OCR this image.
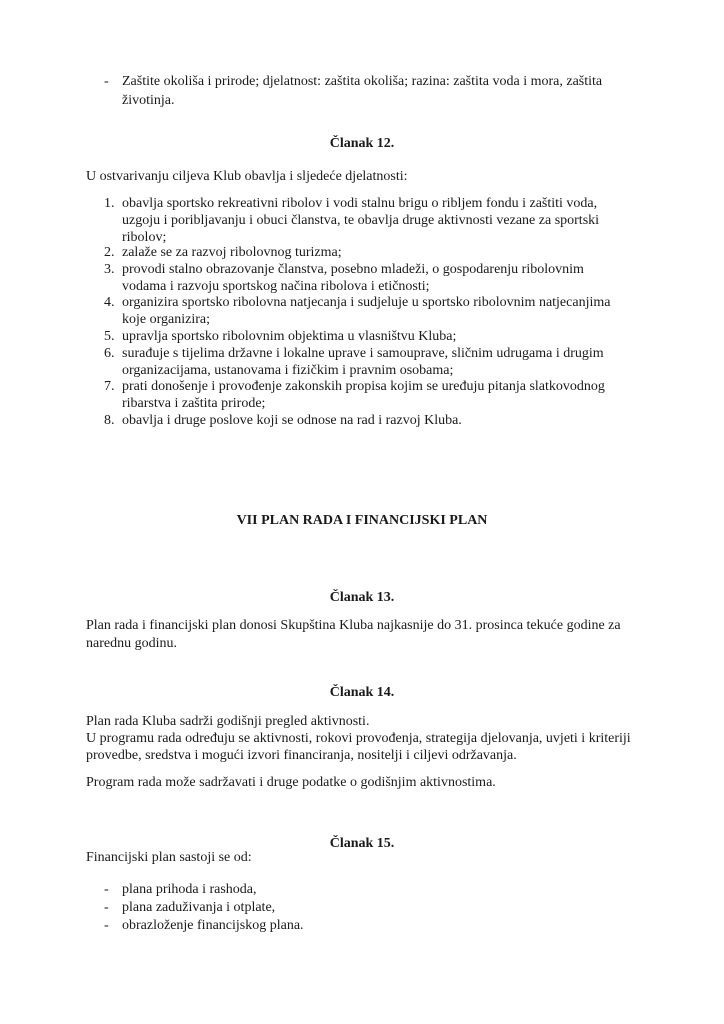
- Zaštite okoliša i prirode; djelatnost: zaštita okoliša; razina: zaštita voda i mora, zaštita
životinja.
Članak 12.
U ostvarivanju ciljeva Klub obavlja i sljedeće djelatnosti:
1. obavlja sportsko rekreativni ribolov i vodi stalnu brigu o ribljem fondu i zaštiti voda,
uzgoju i poribljavanju i obuci članstva, te obavlja druge aktivnosti vezane za sportski
ribolov;
2. zalaže se za razvoj ribolovnog turizma;
3. provodi stalno obrazovanje članstva, posebno mladeži, o gospodarenju ribolovnim
vodama i razvoju sportskog načina ribolova i etičnosti;
4. organizira sportsko ribolovna natjecanja i sudjeluje u sportsko ribolovnim natjecanjima
koje organizira;
5. upravlja sportsko ribolovnim objektima u vlasništvu Kluba;
6. surađuje s tijelima državne i lokalne uprave i samouprave, sličnim udrugama i drugim
organizacijama, ustanovama i fizičkim i pravnim osobama;
7. prati donošenje i provođenje zakonskih propisa kojim se uređuju pitanja slatkovodnog
ribarstva i zaštita prirode;
8. obavlja i druge poslove koji se odnose na rad i razvoj Kluba.
VII PLAN RADA I FINANCIJSKI PLAN
Članak 13.
Plan rada i financijski plan donosi Skupština Kluba najkasnije do 31. prosinca tekuće godine za
narednu godinu.
Članak 14.
Plan rada Kluba sadrži godišnji pregled aktivnosti.
U programu rada određuju se aktivnosti, rokovi provođenja, strategija djelovanja, uvjeti i kriteriji
provedbe, sredstva i mogući izvori financiranja, nositelji i ciljevi održavanja.
Program rada može sadržavati i druge podatke o godišnjim aktivnostima.
Članak 15.
Financijski plan sastoji se od:
- plana prihoda i rashoda,
- plana zaduživanja i otplate,
- obrazloženje financijskog plana.
